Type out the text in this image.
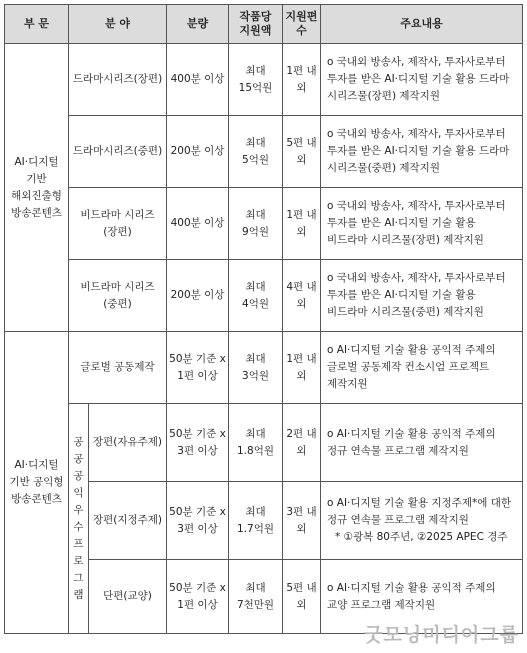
부 문	분 야		분량	작품당 지원액	지원편수	주요내용
AI·디지털 기반 해외진출형 방송콘텐츠	드라마시리즈(장편)		400분 이상	최대 15억원	1편 내외	o 국내외 방송사, 제작사, 투자사로부터 투자를 받은 AI·디지털 기술 활용 드라마 시리즈물(장편) 제작지원
	드라마시리즈(중편)		200분 이상	최대 5억원	5편 내외	o 국내외 방송사, 제작사, 투자사로부터 투자를 받은 AI·디지털 기술 활용 드라마 시리즈물(중편) 제작지원
	비드라마 시리즈(장편)		400분 이상	최대 9억원	1편 내외	o 국내외 방송사, 제작사, 투자사로부터 투자를 받은 AI·디지털 기술 활용 비드라마 시리즈물(장편) 제작지원
	비드라마 시리즈(중편)		200분 이상	최대 4억원	4편 내외	o 국내외 방송사, 제작사, 투자사로부터 투자를 받은 AI·디지털 기술 활용 비드라마 시리즈물(중편) 제작지원
AI·디지털 기반 공익형 방송콘텐츠	글로벌 공동제작		50분 기준 x 1편 이상	최대 3억원	1편 내외	o AI·디지털 기술 활용 공익적 주제의 글로벌 공동제작 컨소시엄 프로젝트 제작지원
	공공공익우수프로그램	장편(자유주제)	50분 기준 x 3편 이상	최대 1.8억원	2편 내외	o AI·디지털 기술 활용 공익적 주제의 정규 연속물 프로그램 제작지원
		장편(지정주제)	50분 기준 x 3편 이상	최대 1.7억원	3편 내외	o AI·디지털 기술 활용 지정주제*에 대한 정규 연속물 프로그램 제작지원
* ①광복 80주년, ②2025 APEC 경주

		단편(교양)	50분 기준 x 1편 이상	최대 7천만원	5편 내외	o AI·디지털 기술 활용 공익적 주제의 교양 프로그램 제작지원
굿모닝미디어그룹
